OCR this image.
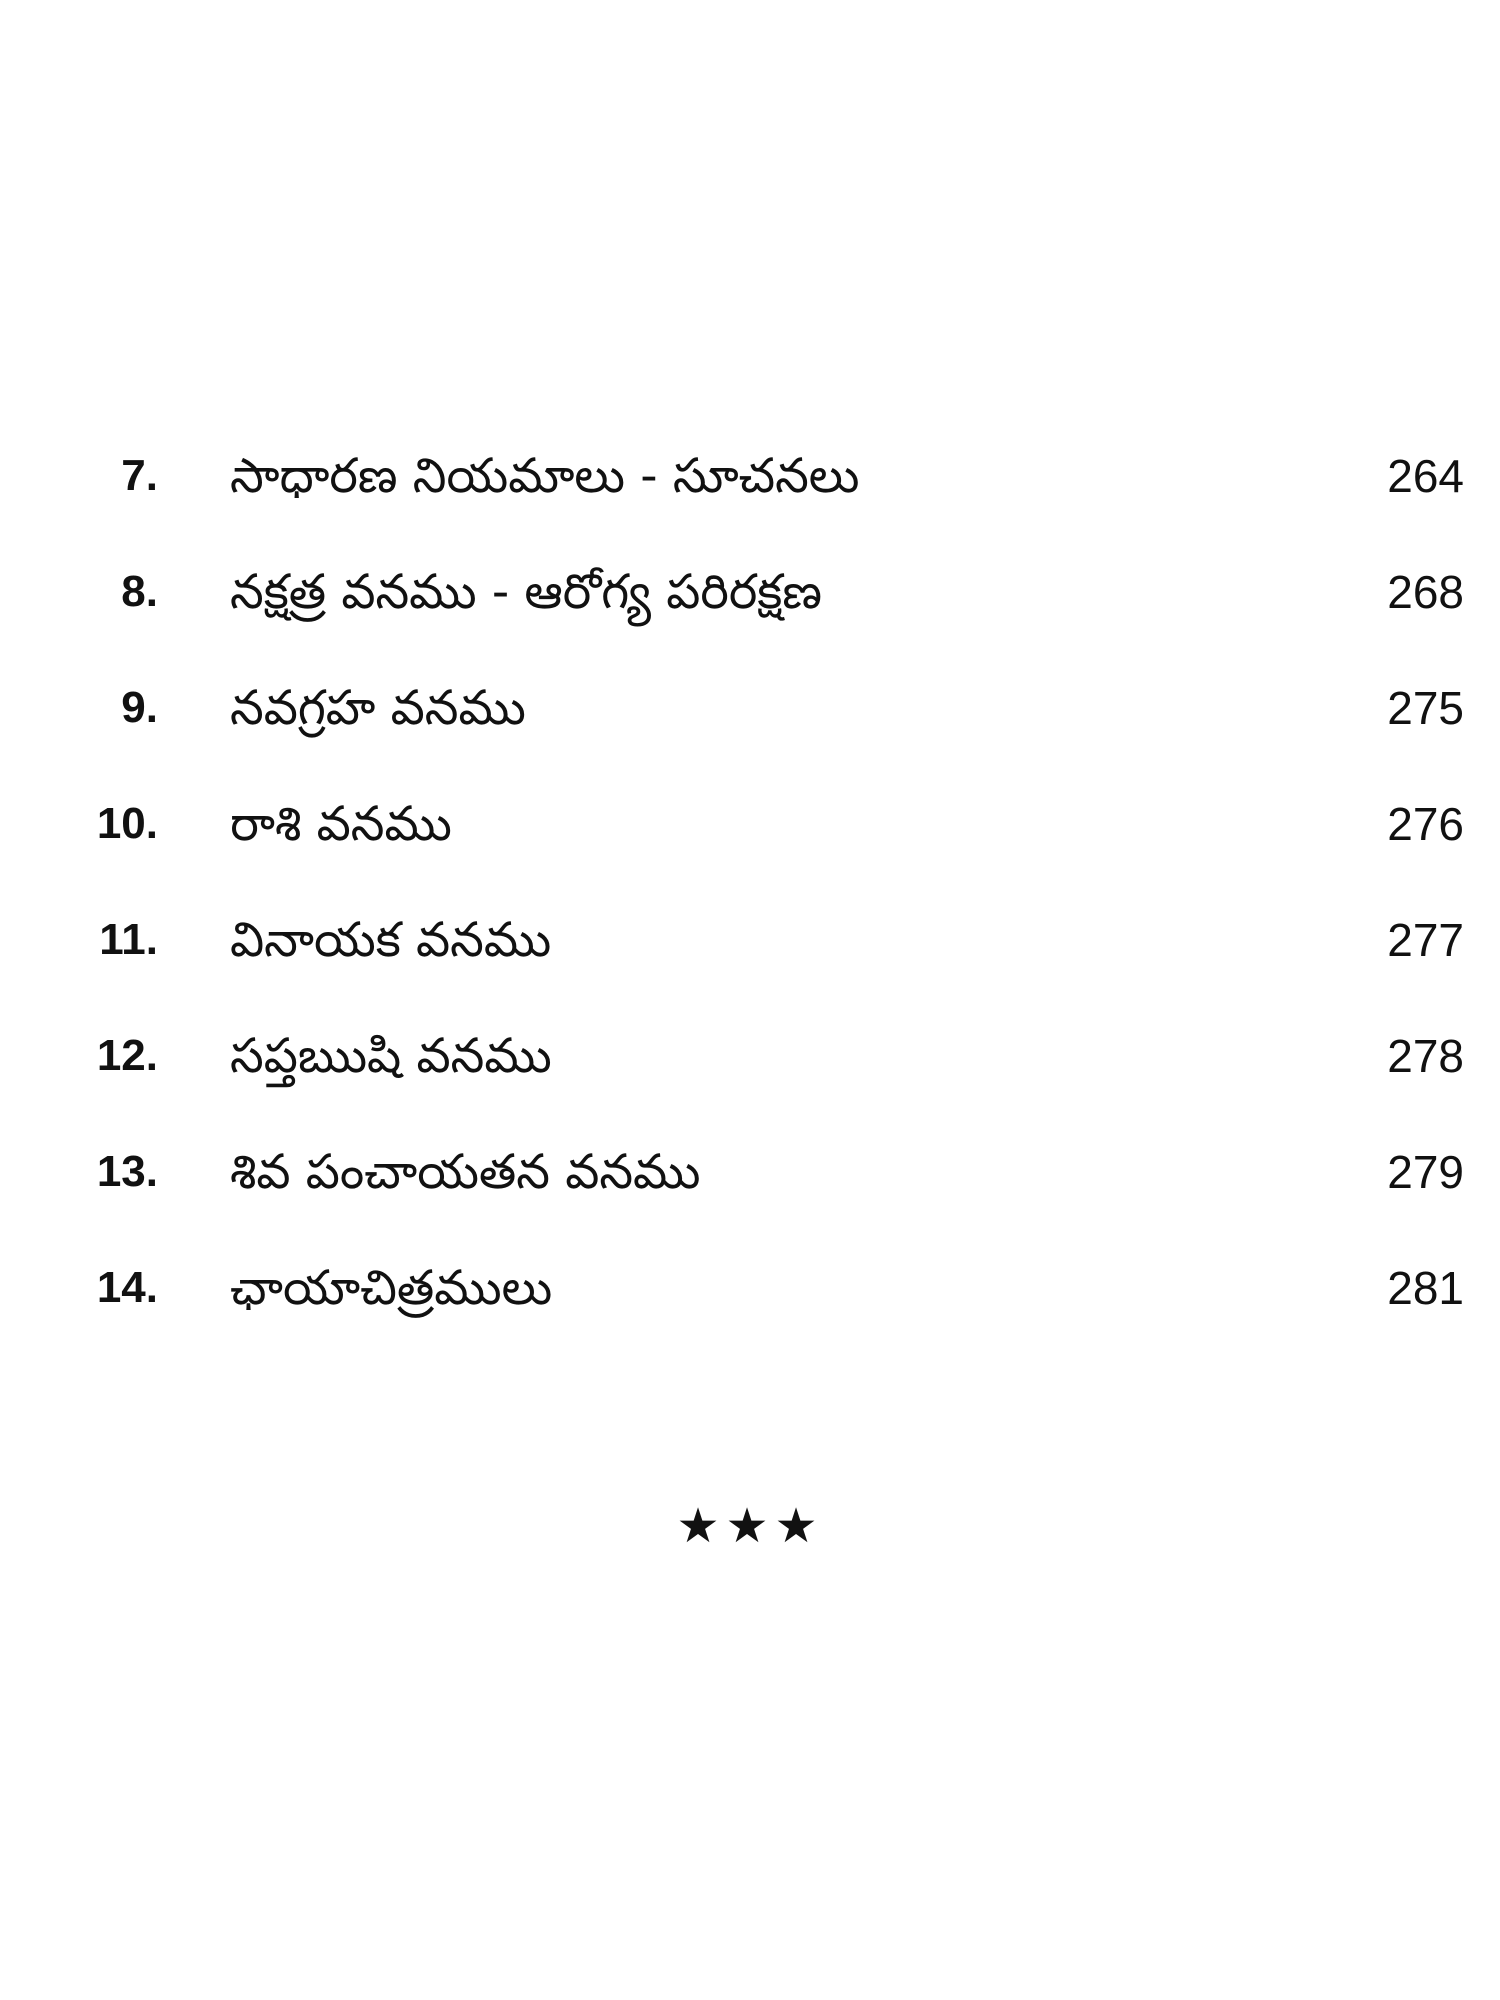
7. సాధారణ నియమాలు - సూచనలు	264
8. నక్షత్ర వనము - ఆరోగ్య పరిరక్షణ	268
9. నవగ్రహ వనము	275
10. రాశి వనము	276
11. వినాయక వనము	277
12. సప్తఋషి వనము	278
13. శివ పంచాయతన వనము	279
14. ఛాయాచిత్రములు	281
★★★
